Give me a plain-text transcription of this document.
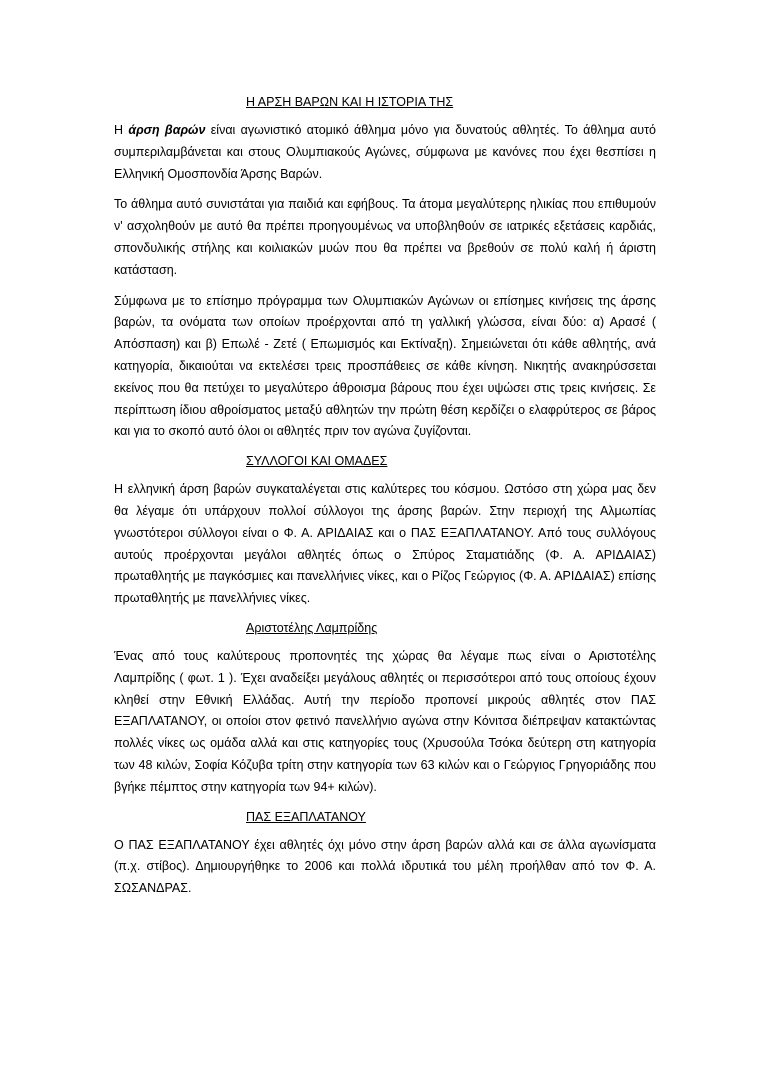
Η ΑΡΣΗ ΒΑΡΩΝ ΚΑΙ Η ΙΣΤΟΡΙΑ ΤΗΣ

Η άρση βαρών είναι αγωνιστικό ατομικό άθλημα μόνο για δυνατούς αθλητές. Το άθλημα αυτό συμπεριλαμβάνεται και στους Ολυμπιακούς Αγώνες, σύμφωνα με κανόνες που έχει θεσπίσει η Ελληνική Ομοσπονδία Άρσης Βαρών.

Το άθλημα αυτό συνιστάται για παιδιά και εφήβους. Τα άτομα μεγαλύτερης ηλικίας που επιθυμούν ν' ασχοληθούν με αυτό θα πρέπει προηγουμένως να υποβληθούν σε ιατρικές εξετάσεις καρδιάς, σπονδυλικής στήλης και κοιλιακών μυών που θα πρέπει να βρεθούν σε πολύ καλή ή άριστη κατάσταση.

Σύμφωνα με το επίσημο πρόγραμμα των Ολυμπιακών Αγώνων οι επίσημες κινήσεις της άρσης βαρών, τα ονόματα των οποίων προέρχονται από τη γαλλική γλώσσα, είναι δύο: α) Αρασέ ( Απόσπαση) και β) Επωλέ - Ζετέ ( Επωμισμός και Εκτίναξη). Σημειώνεται ότι κάθε αθλητής, ανά κατηγορία, δικαιούται να εκτελέσει τρεις προσπάθειες σε κάθε κίνηση. Νικητής ανακηρύσσεται εκείνος που θα πετύχει το μεγαλύτερο άθροισμα βάρους που έχει υψώσει στις τρεις κινήσεις. Σε περίπτωση ίδιου αθροίσματος μεταξύ αθλητών την πρώτη θέση κερδίζει ο ελαφρύτερος σε βάρος και για το σκοπό αυτό όλοι οι αθλητές πριν τον αγώνα ζυγίζονται.

ΣΥΛΛΟΓΟΙ ΚΑΙ ΟΜΑΔΕΣ

Η ελληνική άρση βαρών συγκαταλέγεται στις καλύτερες του κόσμου. Ωστόσο στη χώρα μας δεν θα λέγαμε ότι υπάρχουν πολλοί σύλλογοι της άρσης βαρών. Στην περιοχή της Αλμωπίας γνωστότεροι σύλλογοι είναι ο Φ. Α. ΑΡΙΔΑΙΑΣ και ο ΠΑΣ ΕΞΑΠΛΑΤΑΝΟΥ. Από τους συλλόγους αυτούς προέρχονται μεγάλοι αθλητές όπως ο Σπύρος Σταματιάδης (Φ. Α. ΑΡΙΔΑΙΑΣ) πρωταθλητής με παγκόσμιες και πανελλήνιες νίκες, και ο Ρίζος Γεώργιος (Φ. Α. ΑΡΙΔΑΙΑΣ) επίσης πρωταθλητής με πανελλήνιες νίκες.

Αριστοτέλης Λαμπρίδης

Ένας από τους καλύτερους προπονητές της χώρας θα λέγαμε πως είναι ο Αριστοτέλης Λαμπρίδης ( φωτ. 1 ). Έχει αναδείξει μεγάλους αθλητές οι περισσότεροι από τους οποίους έχουν κληθεί στην Εθνική Ελλάδας. Αυτή την περίοδο προπονεί μικρούς αθλητές στον ΠΑΣ ΕΞΑΠΛΑΤΑΝΟΥ, οι οποίοι στον φετινό πανελλήνιο αγώνα στην Κόνιτσα διέπρεψαν κατακτώντας πολλές νίκες ως ομάδα αλλά και στις κατηγορίες τους (Χρυσούλα Τσόκα δεύτερη στη κατηγορία των 48 κιλών, Σοφία Κόζυβα τρίτη στην κατηγορία των 63 κιλών και ο Γεώργιος Γρηγοριάδης που βγήκε πέμπτος στην κατηγορία των 94+ κιλών).

ΠΑΣ ΕΞΑΠΛΑΤΑΝΟΥ

Ο ΠΑΣ ΕΞΑΠΛΑΤΑΝΟΥ έχει αθλητές όχι μόνο στην άρση βαρών αλλά και σε άλλα αγωνίσματα (π.χ. στίβος). Δημιουργήθηκε το 2006 και πολλά ιδρυτικά του μέλη προήλθαν από τον Φ. Α. ΣΩΣΑΝΔΡΑΣ.
